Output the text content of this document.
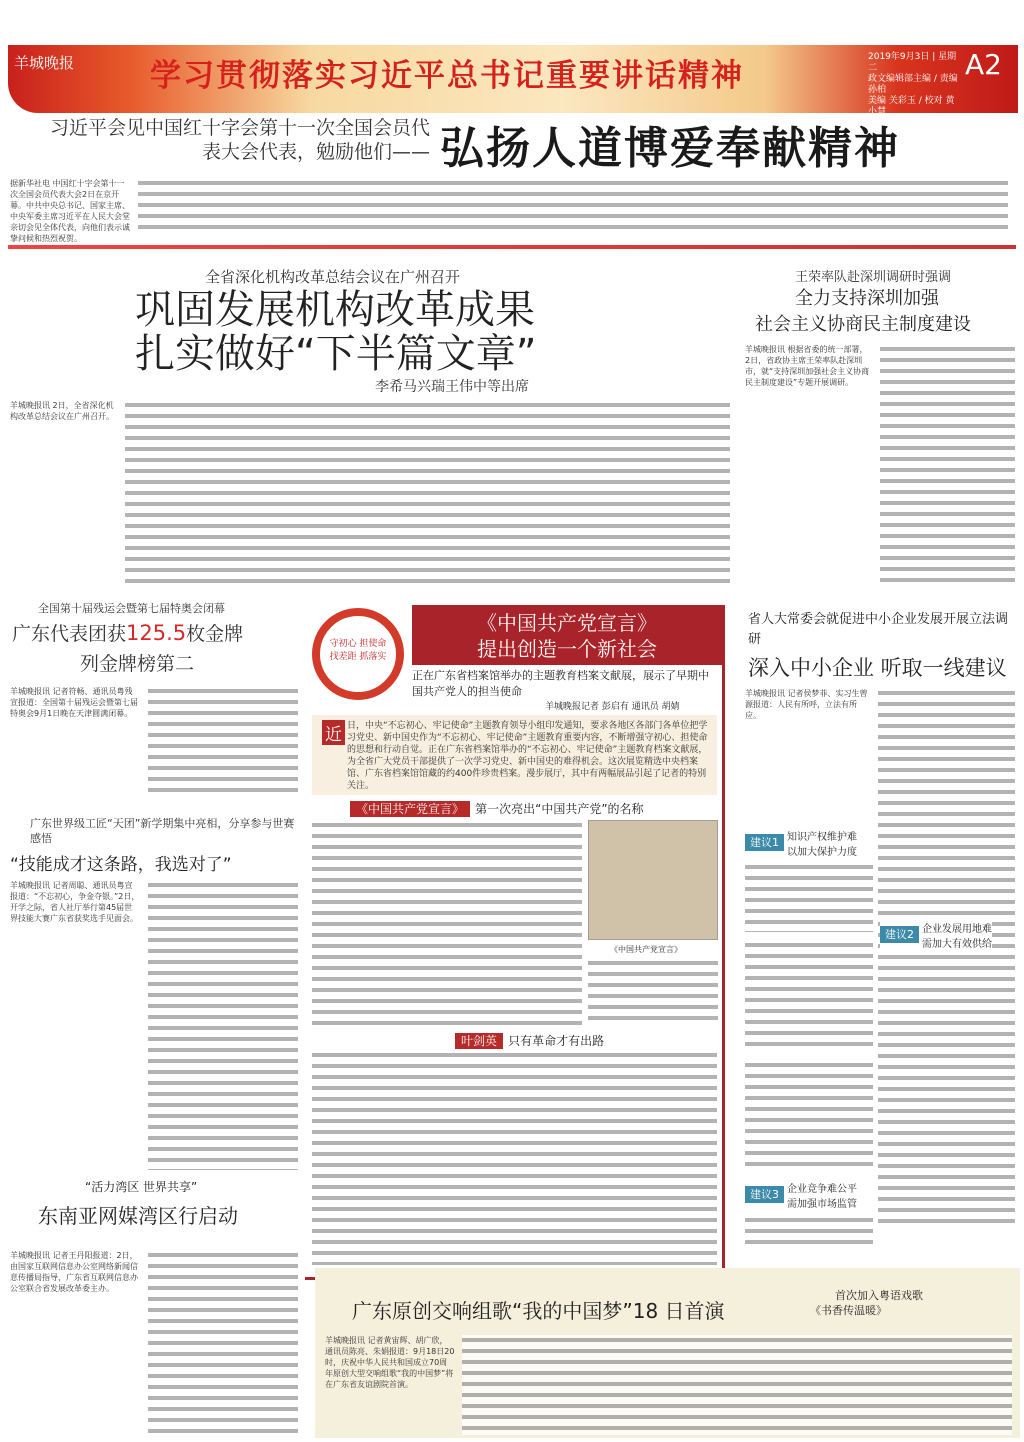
羊城晚报 学习贯彻落实习近平总书记重要讲话精神
2019年9月3日 | 星期二
政文编辑部主编 / 责编 孙柏
美编 关彩玉 / 校对 黄小慧
A2
习近平会见中国红十字会第十一次全国会员代表大会代表，勉励他们—— 弘扬人道博爱奉献精神
据新华社电 中国红十字会第十一次全国会员代表大会2日在京开幕。中共中央总书记、国家主席、中央军委主席习近平在人民大会堂亲切会见全体代表，向他们表示诚挚问候和热烈祝贺。
全省深化机构改革总结会议在广州召开
巩固发展机构改革成果
扎实做好“下半篇文章”
李希马兴瑞王伟中等出席
羊城晚报讯 2日，全省深化机构改革总结会议在广州召开。
王荣率队赴深圳调研时强调
全力支持深圳加强
社会主义协商民主制度建设
羊城晚报讯 根据省委的统一部署，2日，省政协主席王荣率队赴深圳市，就“支持深圳加强社会主义协商民主制度建设”专题开展调研。
全国第十届残运会暨第七届特奥会闭幕
广东代表团获125.5枚金牌
列金牌榜第二
羊城晚报讯 记者符畅、通讯员粤残宣报道：全国第十届残运会暨第七届特奥会9月1日晚在天津圆满闭幕。
广东世界级工匠“天团”新学期集中亮相，分享参与世赛感悟
“技能成才这条路，我选对了”
羊城晚报讯 记者周聪、通讯员粤宣报道：“不忘初心，争金夺银。”2日，开学之际，省人社厅举行第45届世界技能大赛广东省获奖选手见面会。
“活力湾区 世界共享”
东南亚网媒湾区行启动
羊城晚报讯 记者王丹阳报道：2日，由国家互联网信息办公室网络新闻信息传播局指导，广东省互联网信息办公室联合省发展改革委主办。
守初心 担使命
找差距 抓落实
《中国共产党宣言》
提出创造一个新社会
正在广东省档案馆举办的主题教育档案文献展，展示了早期中国共产党人的担当使命
羊城晚报记者 彭启有 通讯员 胡婧
近 日，中央“不忘初心、牢记使命”主题教育领导小组印发通知，要求各地区各部门各单位把学习党史、新中国史作为“不忘初心、牢记使命”主题教育重要内容，不断增强守初心、担使命的思想和行动自觉。正在广东省档案馆举办的“不忘初心、牢记使命”主题教育档案文献展，为全省广大党员干部提供了一次学习党史、新中国史的难得机会。这次展览精选中央档案馆、广东省档案馆馆藏的约400件珍贵档案。漫步展厅，其中有两幅展品引起了记者的特别关注。
《中国共产党宣言》 第一次亮出“中国共产党”的名称
《中国共产党宣言》
叶剑英 只有革命才有出路
省人大常委会就促进中小企业发展开展立法调研
深入中小企业 听取一线建议
羊城晚报讯 记者侯梦菲、实习生曾源报道：人民有所呼，立法有所应。
建议1 知识产权维护难
以加大保护力度
建议2 企业发展用地难
需加大有效供给
建议3 企业竞争难公平
需加强市场监管
广东原创交响组歌“我的中国梦”18 日首演
首次加入粤语戏歌
《书香传温暖》
羊城晚报讯 记者黄宙辉、胡广欣，通讯员陈亮、朱娟报道：9月18日20时，庆祝中华人民共和国成立70周年原创大型交响组歌“我的中国梦”将在广东省友谊剧院首演。
